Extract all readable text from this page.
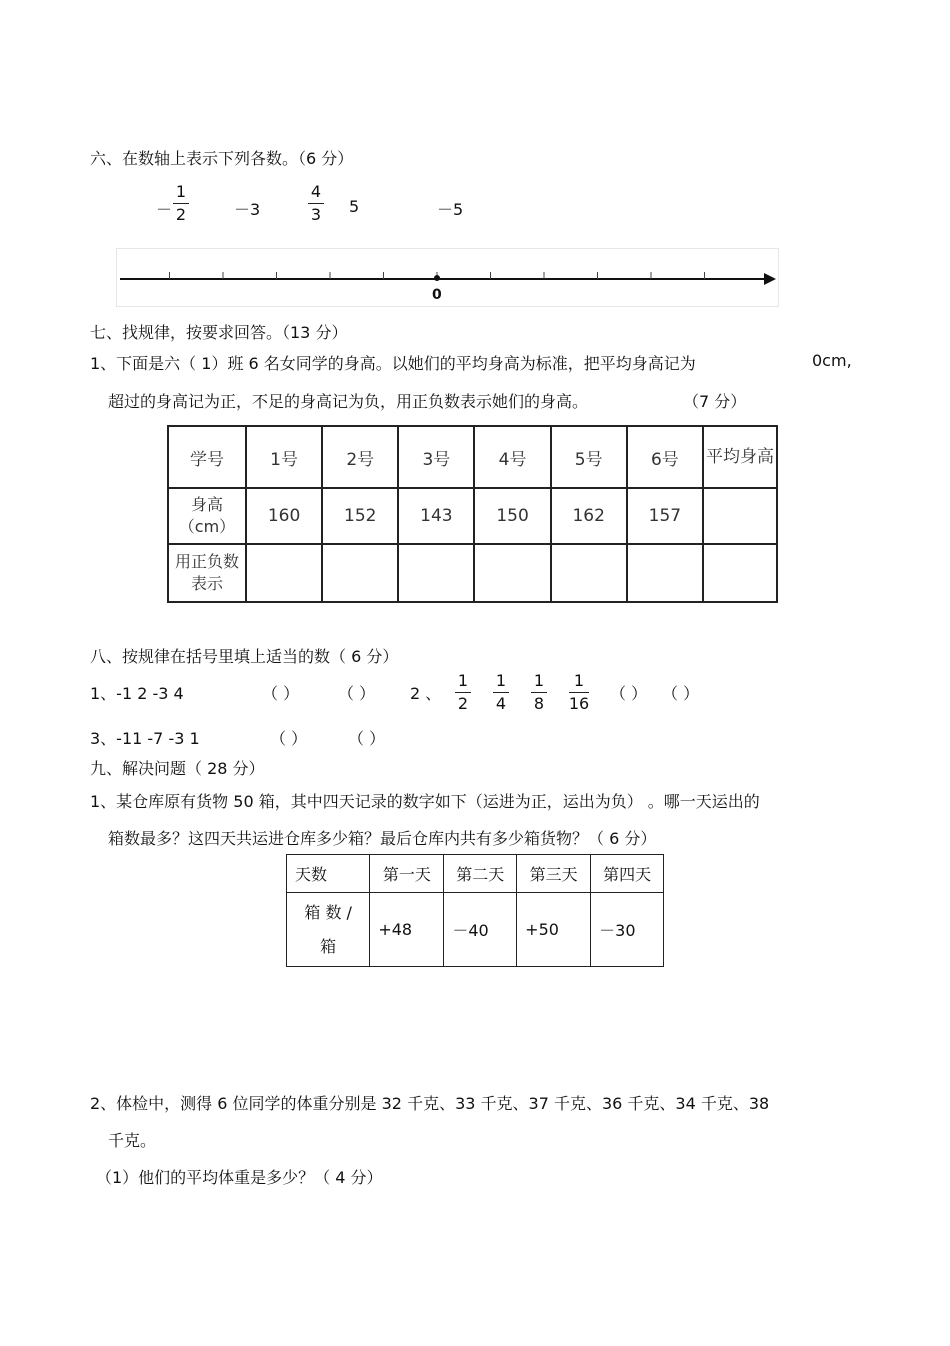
六、在数轴上表示下列各数。（6 分）
－
1
2	－3
4
3	5	－5
0
七、找规律，按要求回答。（13 分）
1、下面是六（ 1）班 6 名女同学的身高。以她们的平均身高为标准，把平均身高记为	0cm,
超过的身高记为正，不足的身高记为负，用正负数表示她们的身高。	（7 分）
学号	1号	2号	3号	4号	5号	6号	平均身高
身高（cm）	160	152	143	150	162	157	
用正负数表示							
八、按规律在括号里填上适当的数（ 6 分）
1、-1 2 -3 4	（ ） （ ） 2 、
1
2
1
4
1
8
1
16
（ ） （ ）
3、-11 -7 -3 1	（ ）	（ ）
九、解决问题（ 28 分）
1、某仓库原有货物 50 箱，其中四天记录的数字如下（运进为正，运出为负） 。哪一天运出的
箱数最多？这四天共运进仓库多少箱？最后仓库内共有多少箱货物？（ 6 分）
天数	第一天	第二天	第三天	第四天

箱 数 /
箱	+48	－40	+50	－30
2、体检中，测得 6 位同学的体重分别是 32 千克、33 千克、37 千克、36 千克、34 千克、38
千克。
（1）他们的平均体重是多少？（ 4 分）
